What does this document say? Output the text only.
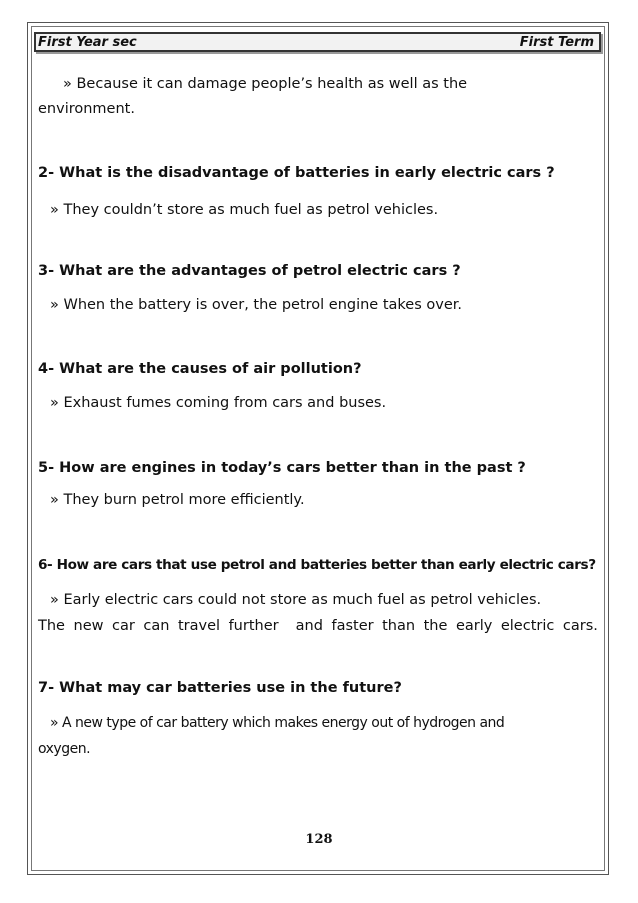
First Year sec	First Term
» Because it can damage people’s health as well as the
environment.
2- What is the disadvantage of batteries in early electric cars ?
» They couldn’t store as much fuel as petrol vehicles.
3- What are the advantages of petrol electric cars ?
» When the battery is over, the petrol engine takes over.
4- What are the causes of air pollution?
» Exhaust fumes coming from cars and buses.
5- How are engines in today’s cars better than in the past ?
» They burn petrol more efficiently.
6- How are cars that use petrol and batteries better than early electric cars?
» Early electric cars could not store as much fuel as petrol vehicles.
The new car can travel further and faster than the early electric cars.
7- What may car batteries use in the future?
» A new type of car battery which makes energy out of hydrogen and
oxygen.
128
